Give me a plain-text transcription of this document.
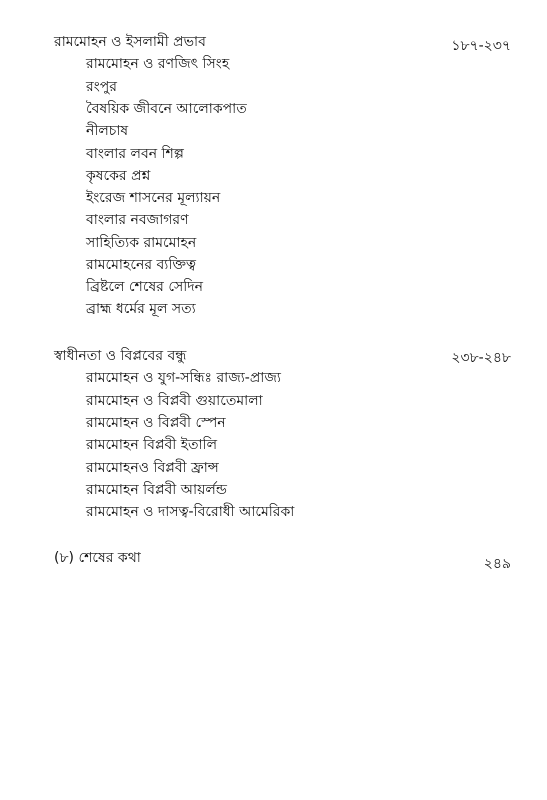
রামমোহন ও ইসলামী প্রভাব	১৮৭-২৩৭
রামমোহন ও রণজিৎ সিংহ
রংপুর
বৈষয়িক জীবনে আলোকপাত
নীলচাষ
বাংলার লবন শিল্প
কৃষকের প্রশ্ন
ইংরেজ শাসনের মূল্যায়ন
বাংলার নবজাগরণ
সাহিত্যিক রামমোহন
রামমোহনের ব্যক্তিত্ব
ব্রিষ্টলে শেষের সেদিন
ব্রাহ্ম ধর্মের মূল সত্য
স্বাধীনতা ও বিপ্লবের বন্ধু	২৩৮-২৪৮
রামমোহন ও যুগ-সন্ধিঃ রাজ্য-প্রাজ্য
রামমোহন ও বিপ্লবী গুয়াতেমালা
রামমোহন ও বিপ্লবী স্পেন
রামমোহন বিপ্লবী ইতালি
রামমোহনও বিপ্লবী ফ্রান্স
রামমোহন বিপ্লবী আয়র্লন্ড
রামমোহন ও দাসত্ব-বিরোধী আমেরিকা
(৮) শেষের কথা	২৪৯
